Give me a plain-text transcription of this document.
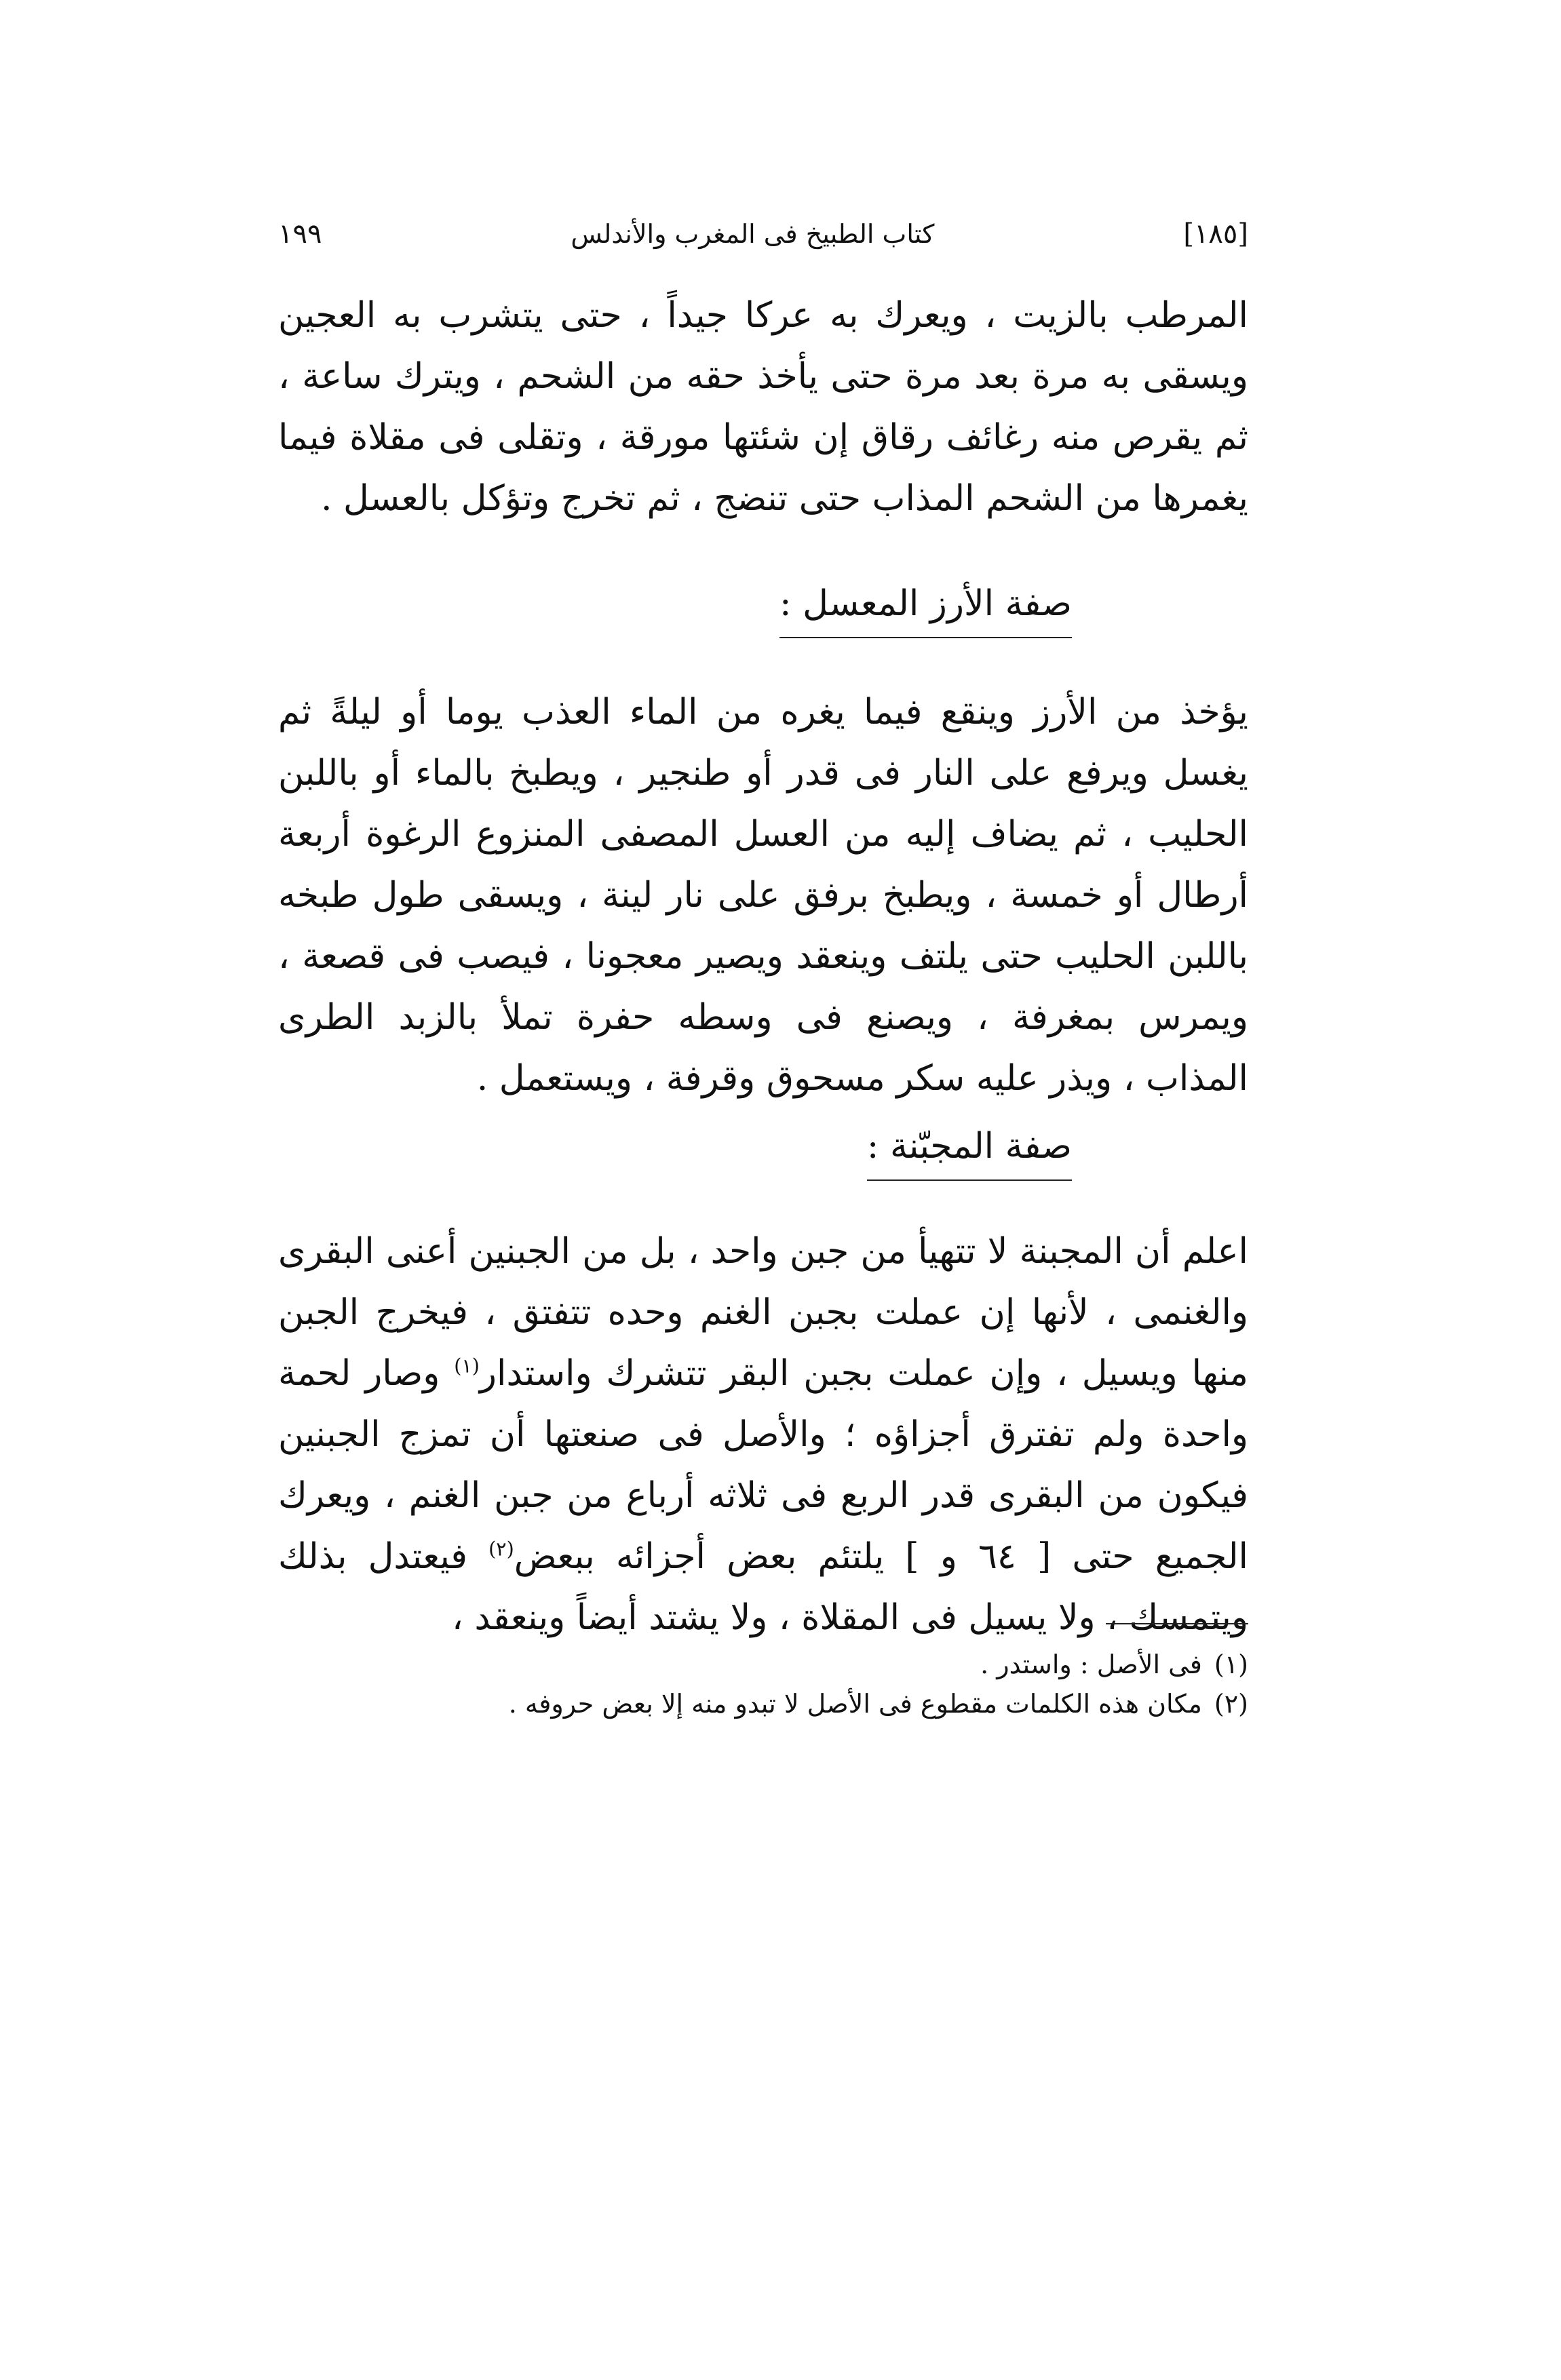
[١٨٥]
كتاب الطبيخ فى المغرب والأندلس
١٩٩

المرطب بالزيت ، ويعرك به عركا جيداً ، حتى يتشرب به العجين ويسقى به مرة بعد مرة حتى يأخذ حقه من الشحم ، ويترك ساعة ، ثم يقرص منه رغائف رقاق إن شئتها مورقة ، وتقلى فى مقلاة فيما يغمرها من الشحم المذاب حتى تنضج ، ثم تخرج وتؤكل بالعسل .

صفة الأرز المعسل :

يؤخذ من الأرز وينقع فيما يغره من الماء العذب يوما أو ليلةً ثم يغسل ويرفع على النار فى قدر أو طنجير ، ويطبخ بالماء أو باللبن الحليب ، ثم يضاف إليه من العسل المصفى المنزوع الرغوة أربعة أرطال أو خمسة ، ويطبخ برفق على نار لينة ، ويسقى طول طبخه باللبن الحليب حتى يلتف وينعقد ويصير معجونا ، فيصب فى قصعة ، ويمرس بمغرفة ، ويصنع فى وسطه حفرة تملأ بالزبد الطرى المذاب ، ويذر عليه سكر مسحوق وقرفة ، ويستعمل .

صفة المجبّنة :

اعلم أن المجبنة لا تتهيأ من جبن واحد ، بل من الجبنين أعنى البقرى والغنمى ، لأنها إن عملت بجبن الغنم وحده تتفتق ، فيخرج الجبن منها ويسيل ، وإن عملت بجبن البقر تتشرك واستدار$^{(١)}$ وصار لحمة واحدة ولم تفترق أجزاؤه ؛ والأصل فى صنعتها أن تمزج الجبنين فيكون من البقرى قدر الربع فى ثلاثه أرباع من جبن الغنم ، ويعرك الجميع حتى [ ٦٤ و ] يلتئم بعض أجزائه ببعض$^{(٢)}$ فيعتدل بذلك ويتمسك ، ولا يسيل فى المقلاة ، ولا يشتد أيضاً وينعقد ،

(١)فى الأصل : واستدر .

(٢)مكان هذه الكلمات مقطوع فى الأصل لا تبدو منه إلا بعض حروفه .
